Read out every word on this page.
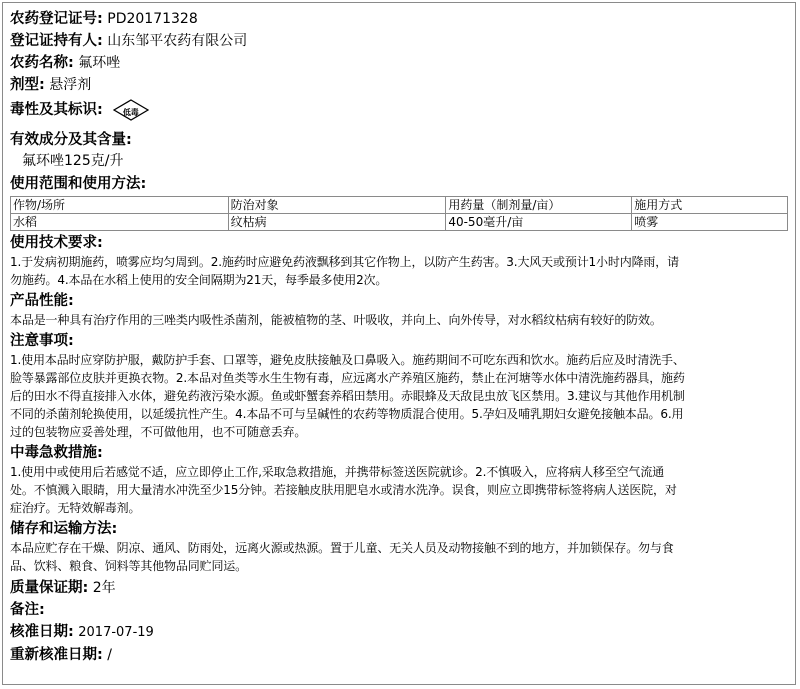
农药登记证号: PD20171328
登记证持有人: 山东邹平农药有限公司
农药名称: 氟环唑
剂型: 悬浮剂
毒性及其标识:	低毒
有效成分及其含量:
氟环唑125克/升
使用范围和使用方法:
作物/场所	防治对象	用药量（制剂量/亩）	施用方式
水稻	纹枯病	40-50毫升/亩	喷雾
使用技术要求:
1.于发病初期施药，喷雾应均匀周到。2.施药时应避免药液飘移到其它作物上，以防产生药害。3.大风天或预计1小时内降雨，请
勿施药。4.本品在水稻上使用的安全间隔期为21天，每季最多使用2次。
产品性能:
本品是一种具有治疗作用的三唑类内吸性杀菌剂，能被植物的茎、叶吸收，并向上、向外传导，对水稻纹枯病有较好的防效。
注意事项:
1.使用本品时应穿防护服，戴防护手套、口罩等，避免皮肤接触及口鼻吸入。施药期间不可吃东西和饮水。施药后应及时清洗手、
脸等暴露部位皮肤并更换衣物。2.本品对鱼类等水生生物有毒，应远离水产养殖区施药，禁止在河塘等水体中清洗施药器具，施药
后的田水不得直接排入水体，避免药液污染水源。鱼或虾蟹套养稻田禁用。赤眼蜂及天敌昆虫放飞区禁用。3.建议与其他作用机制
不同的杀菌剂轮换使用，以延缓抗性产生。4.本品不可与呈碱性的农药等物质混合使用。5.孕妇及哺乳期妇女避免接触本品。6.用
过的包装物应妥善处理，不可做他用，也不可随意丢弃。
中毒急救措施:
1.使用中或使用后若感觉不适，应立即停止工作,采取急救措施，并携带标签送医院就诊。2.不慎吸入，应将病人移至空气流通
处。不慎溅入眼睛，用大量清水冲洗至少15分钟。若接触皮肤用肥皂水或清水洗净。误食，则应立即携带标签将病人送医院，对
症治疗。无特效解毒剂。
储存和运输方法:
本品应贮存在干燥、阴凉、通风、防雨处，远离火源或热源。置于儿童、无关人员及动物接触不到的地方，并加锁保存。勿与食
品、饮料、粮食、饲料等其他物品同贮同运。
质量保证期: 2年
备注:
核准日期: 2017-07-19
重新核准日期: /
